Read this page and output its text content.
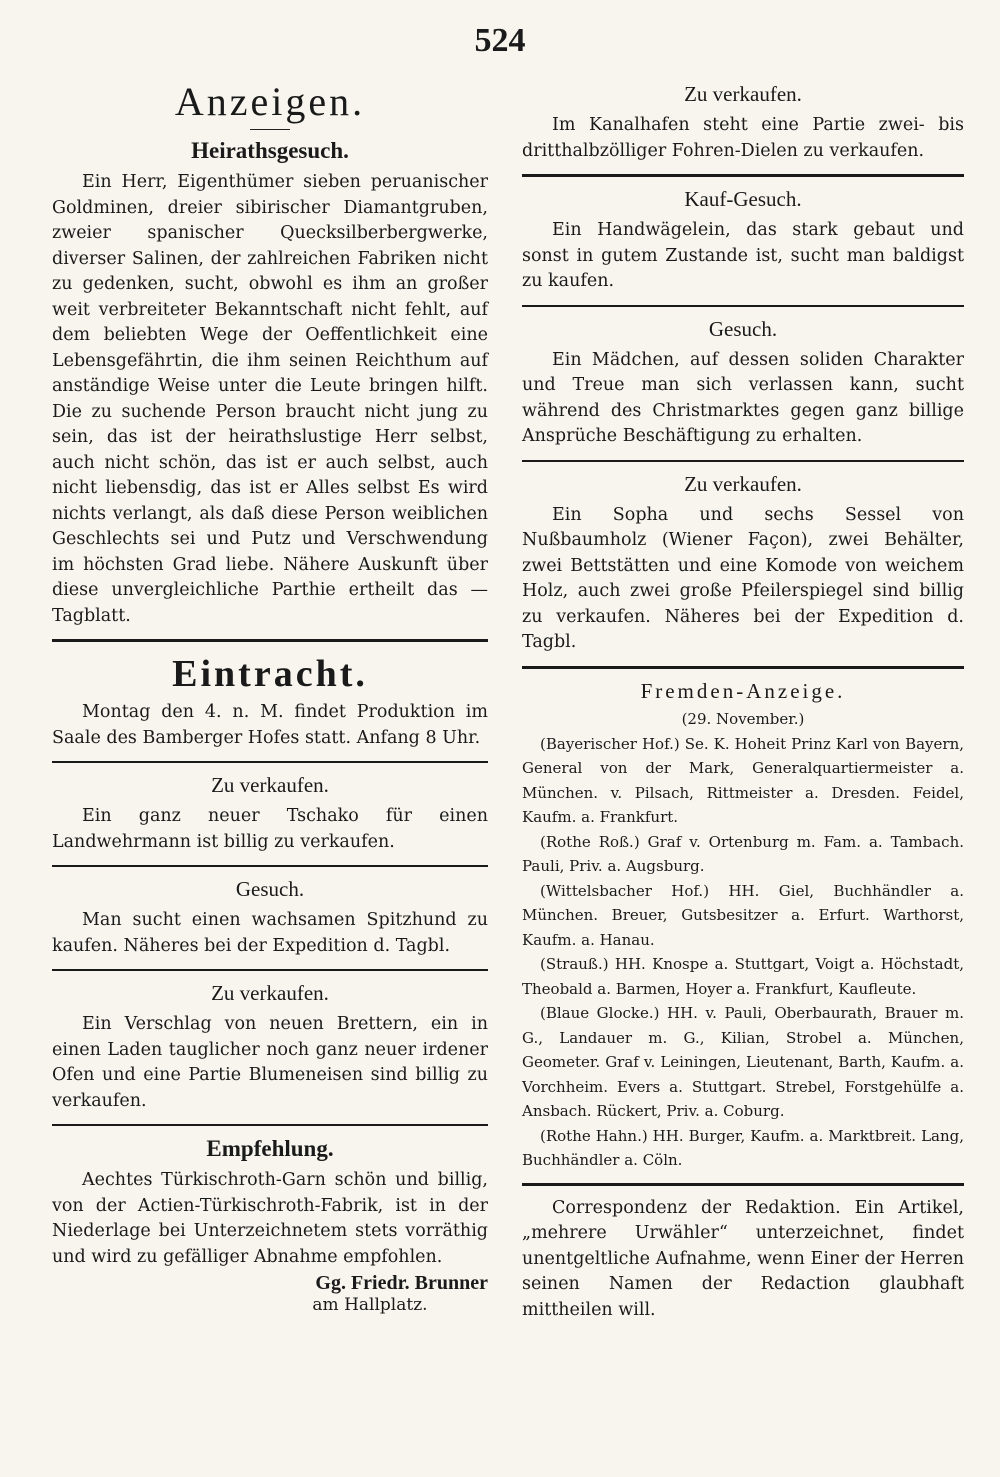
524
Anzeigen.
Heirathsgesuch.

Ein Herr, Eigenthümer sieben peruanischer Goldminen, dreier sibirischer Diamantgruben, zweier spanischer Quecksilberbergwerke, diverser Salinen, der zahlreichen Fabriken nicht zu gedenken, sucht, obwohl es ihm an großer weit verbreiteter Bekanntschaft nicht fehlt, auf dem beliebten Wege der Oeffentlichkeit eine Lebensgefährtin, die ihm seinen Reichthum auf anständige Weise unter die Leute bringen hilft. Die zu suchende Person braucht nicht jung zu sein, das ist der heirathslustige Herr selbst, auch nicht schön, das ist er auch selbst, auch nicht liebensdig, das ist er Alles selbst Es wird nichts verlangt, als daß diese Person weiblichen Geschlechts sei und Putz und Verschwendung im höchsten Grad liebe. Nähere Auskunft über diese unvergleichliche Parthie ertheilt das — Tagblatt.

Eintracht.

Montag den 4. n. M. findet Produktion im Saale des Bamberger Hofes statt. Anfang 8 Uhr.

Zu verkaufen.

Ein ganz neuer Tschako für einen Landwehrmann ist billig zu verkaufen.

Gesuch.

Man sucht einen wachsamen Spitzhund zu kaufen. Näheres bei der Expedition d. Tagbl.

Zu verkaufen.

Ein Verschlag von neuen Brettern, ein in einen Laden tauglicher noch ganz neuer irdener Ofen und eine Partie Blumeneisen sind billig zu verkaufen.

Empfehlung.

Aechtes Türkischroth-Garn schön und billig, von der Actien-Türkischroth-Fabrik, ist in der Niederlage bei Unterzeichnetem stets vorräthig und wird zu gefälliger Abnahme empfohlen.

Gg. Friedr. Brunner
am Hallplatz.
Zu verkaufen.

Im Kanalhafen steht eine Partie zwei- bis dritthalbzölliger Fohren-Dielen zu verkaufen.

Kauf-Gesuch.

Ein Handwägelein, das stark gebaut und sonst in gutem Zustande ist, sucht man baldigst zu kaufen.

Gesuch.

Ein Mädchen, auf dessen soliden Charakter und Treue man sich verlassen kann, sucht während des Christmarktes gegen ganz billige Ansprüche Beschäftigung zu erhalten.

Zu verkaufen.

Ein Sopha und sechs Sessel von Nußbaumholz (Wiener Façon), zwei Behälter, zwei Bettstätten und eine Komode von weichem Holz, auch zwei große Pfeilerspiegel sind billig zu verkaufen. Näheres bei der Expedition d. Tagbl.

Fremden-Anzeige.
(29. November.)

(Bayerischer Hof.) Se. K. Hoheit Prinz Karl von Bayern, General von der Mark, Generalquartiermeister a. München. v. Pilsach, Rittmeister a. Dresden. Feidel, Kaufm. a. Frankfurt.

(Rothe Roß.) Graf v. Ortenburg m. Fam. a. Tambach. Pauli, Priv. a. Augsburg.

(Wittelsbacher Hof.) HH. Giel, Buchhändler a. München. Breuer, Gutsbesitzer a. Erfurt. Warthorst, Kaufm. a. Hanau.

(Strauß.) HH. Knospe a. Stuttgart, Voigt a. Höchstadt, Theobald a. Barmen, Hoyer a. Frankfurt, Kaufleute.

(Blaue Glocke.) HH. v. Pauli, Oberbaurath, Brauer m. G., Landauer m. G., Kilian, Strobel a. München, Geometer. Graf v. Leiningen, Lieutenant, Barth, Kaufm. a. Vorchheim. Evers a. Stuttgart. Strebel, Forstgehülfe a. Ansbach. Rückert, Priv. a. Coburg.

(Rothe Hahn.) HH. Burger, Kaufm. a. Marktbreit. Lang, Buchhändler a. Cöln.

Correspondenz der Redaktion. Ein Artikel, „mehrere Urwähler“ unterzeichnet, findet unentgeltliche Aufnahme, wenn Einer der Herren seinen Namen der Redaction glaubhaft mittheilen will.
